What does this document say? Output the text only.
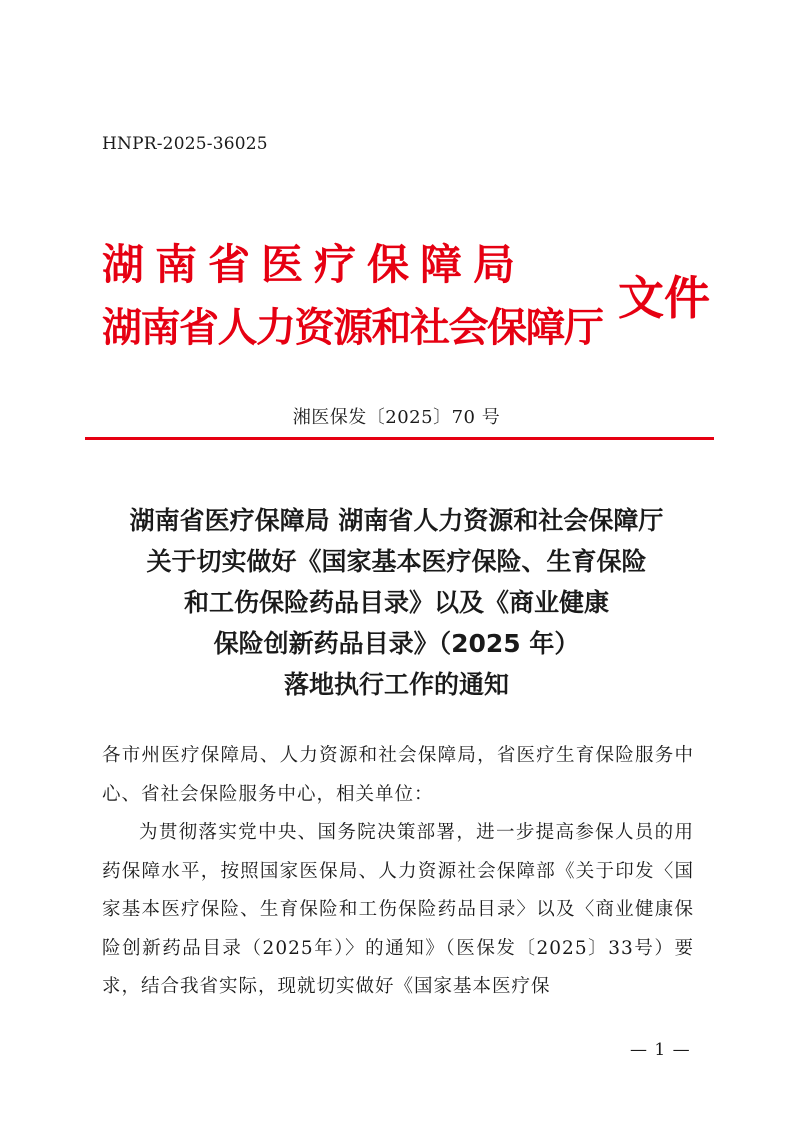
HNPR-2025-36025
湖南省医疗保障局
湖南省人力资源和社会保障厅
文件
湘医保发〔2025〕70 号
湖南省医疗保障局 湖南省人力资源和社会保障厅
关于切实做好《国家基本医疗保险、生育保险
和工伤保险药品目录》以及《商业健康
保险创新药品目录》（2025 年）
落地执行工作的通知

各市州医疗保障局、人力资源和社会保障局，省医疗生育保险服务中心、省社会保险服务中心，相关单位：

为贯彻落实党中央、国务院决策部署，进一步提高参保人员的用药保障水平，按照国家医保局、人力资源社会保障部《关于印发〈国家基本医疗保险、生育保险和工伤保险药品目录〉以及〈商业健康保险创新药品目录（2025年）〉的通知》（医保发〔2025〕33号）要求，结合我省实际，现就切实做好《国家基本医疗保

— 1 —
